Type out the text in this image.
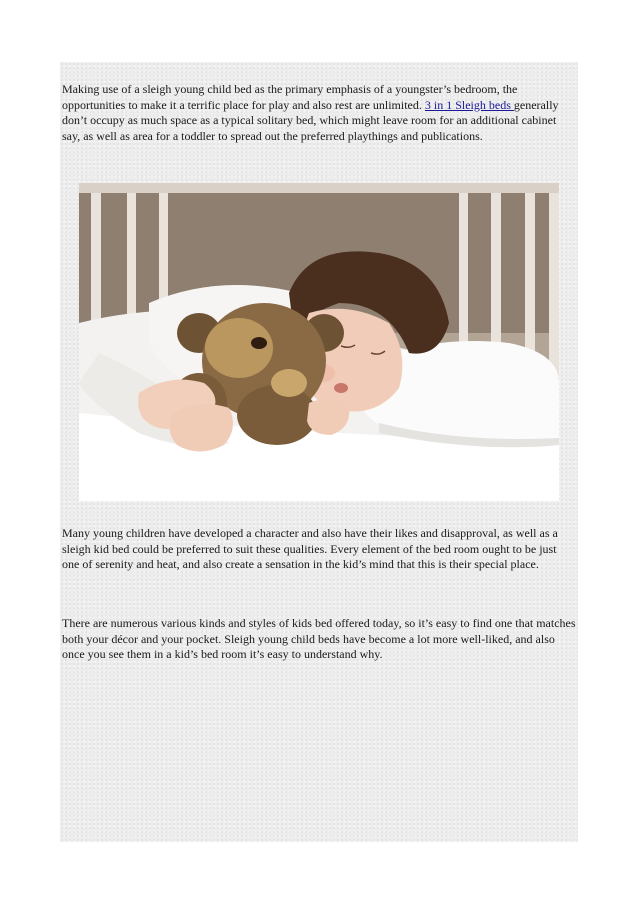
Making use of a sleigh young child bed as the primary emphasis of a youngster’s bedroom, the opportunities to make it a terrific place for play and also rest are unlimited. 3 in 1 Sleigh beds generally don’t occupy as much space as a typical solitary bed, which might leave room for an additional cabinet say, as well as area for a toddler to spread out the preferred playthings and publications.

Many young children have developed a character and also have their likes and disapproval, as well as a sleigh kid bed could be preferred to suit these qualities. Every element of the bed room ought to be just one of serenity and heat, and also create a sensation in the kid’s mind that this is their special place.

There are numerous various kinds and styles of kids bed offered today, so it’s easy to find one that matches both your décor and your pocket. Sleigh young child beds have become a lot more well-liked, and also once you see them in a kid’s bed room it’s easy to understand why.
